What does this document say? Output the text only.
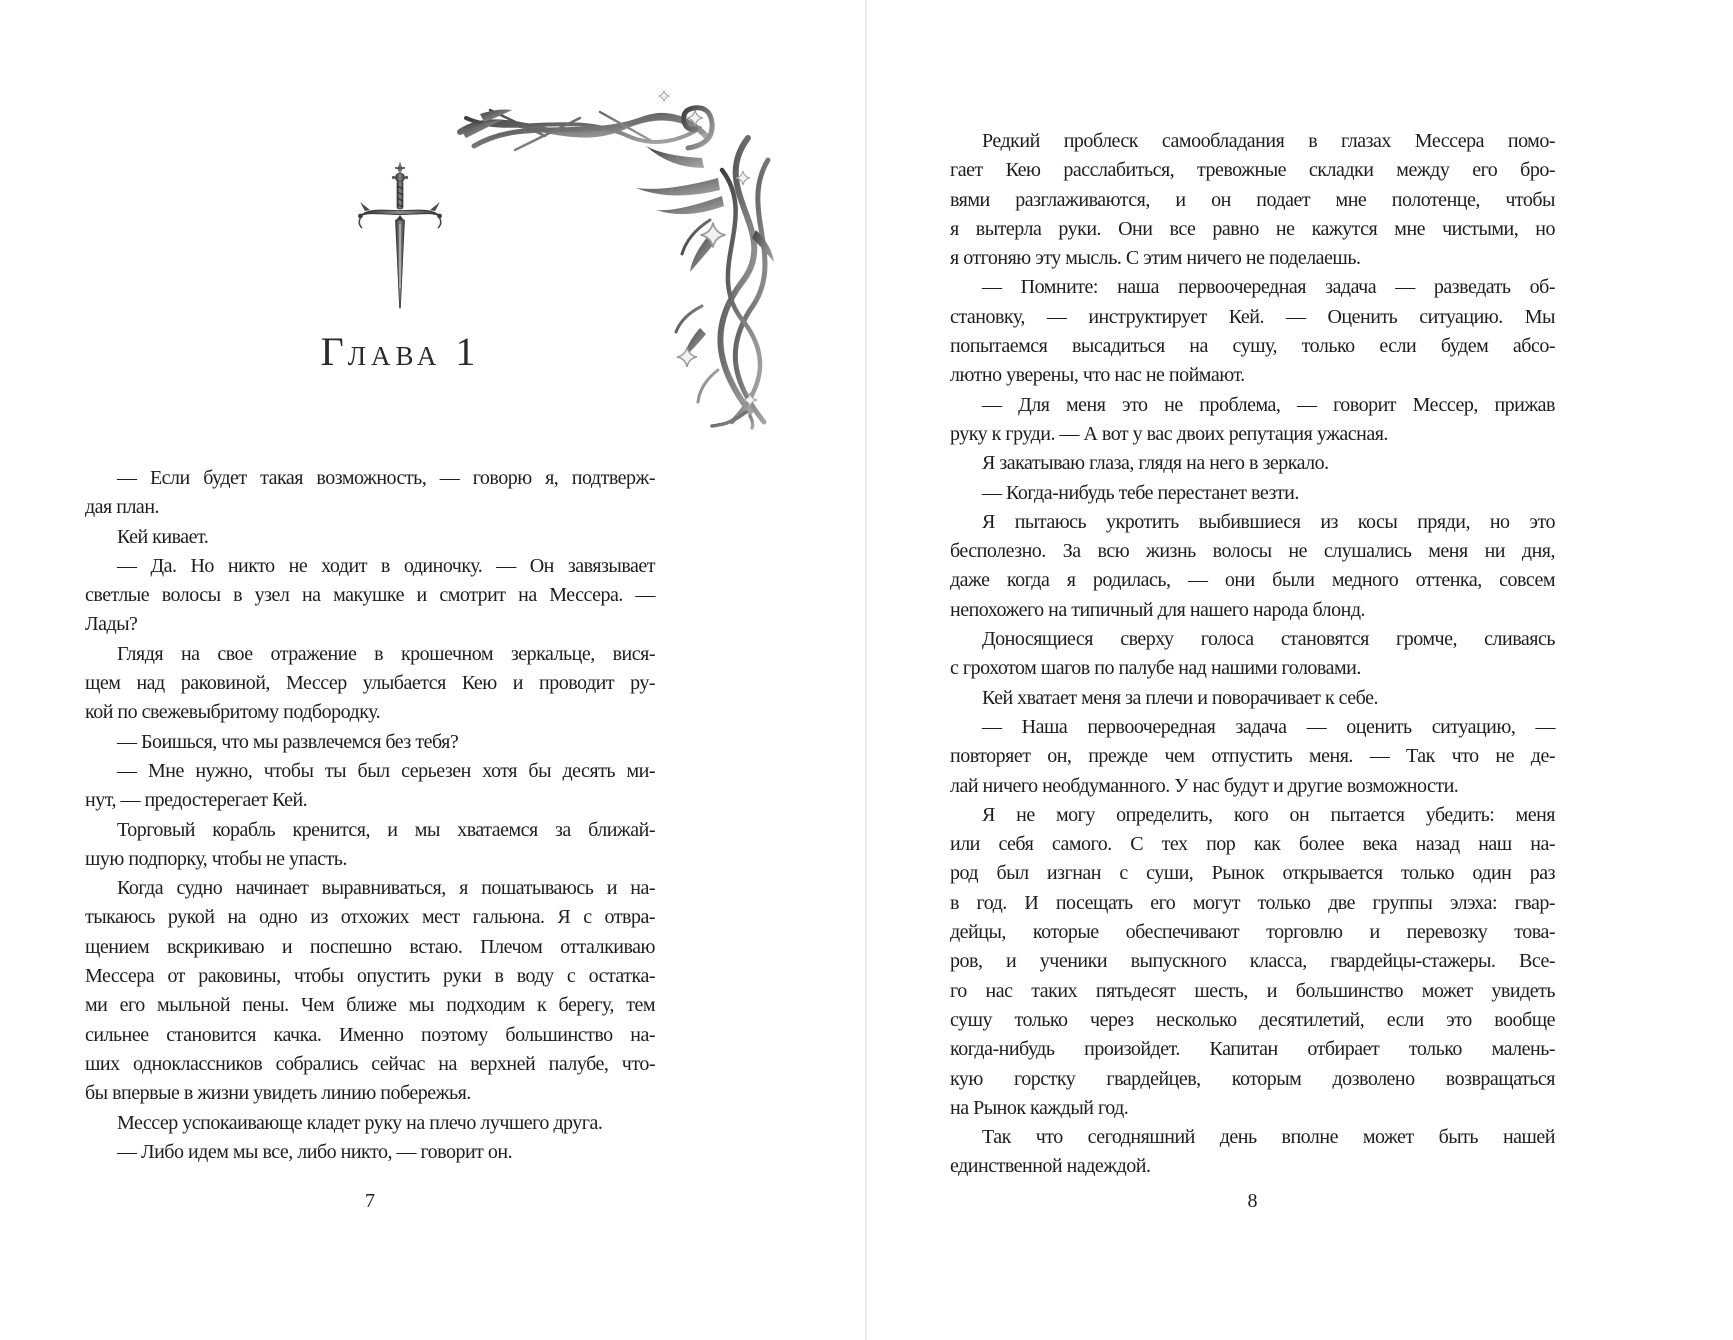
ГЛАВА 1
— Если будет такая возможность, — говорю я, подтверж-
дая план.
Кей кивает.
— Да. Но никто не ходит в одиночку. — Он завязывает
светлые волосы в узел на макушке и смотрит на Мессера. —
Лады?
Глядя на свое отражение в крошечном зеркальце, вися-
щем над раковиной, Мессер улыбается Кею и проводит ру-
кой по свежевыбритому подбородку.
— Боишься, что мы развлечемся без тебя?
— Мне нужно, чтобы ты был серьезен хотя бы десять ми-
нут, — предостерегает Кей.
Торговый корабль кренится, и мы хватаемся за ближай-
шую подпорку, чтобы не упасть.
Когда судно начинает выравниваться, я пошатываюсь и на-
тыкаюсь рукой на одно из отхожих мест гальюна. Я с отвра-
щением вскрикиваю и поспешно встаю. Плечом отталкиваю
Мессера от раковины, чтобы опустить руки в воду с остатка-
ми его мыльной пены. Чем ближе мы подходим к берегу, тем
сильнее становится качка. Именно поэтому большинство на-
ших одноклассников собрались сейчас на верхней палубе, что-
бы впервые в жизни увидеть линию побережья.
Мессер успокаивающе кладет руку на плечо лучшего друга.
— Либо идем мы все, либо никто, — говорит он.
7
Редкий проблеск самообладания в глазах Мессера помо-
гает Кею расслабиться, тревожные складки между его бро-
вями разглаживаются, и он подает мне полотенце, чтобы
я вытерла руки. Они все равно не кажутся мне чистыми, но
я отгоняю эту мысль. С этим ничего не поделаешь.
— Помните: наша первоочередная задача — разведать об-
становку, — инструктирует Кей. — Оценить ситуацию. Мы
попытаемся высадиться на сушу, только если будем абсо-
лютно уверены, что нас не поймают.
— Для меня это не проблема, — говорит Мессер, прижав
руку к груди. — А вот у вас двоих репутация ужасная.
Я закатываю глаза, глядя на него в зеркало.
— Когда-нибудь тебе перестанет везти.
Я пытаюсь укротить выбившиеся из косы пряди, но это
бесполезно. За всю жизнь волосы не слушались меня ни дня,
даже когда я родилась, — они были медного оттенка, совсем
непохожего на типичный для нашего народа блонд.
Доносящиеся сверху голоса становятся громче, сливаясь
с грохотом шагов по палубе над нашими головами.
Кей хватает меня за плечи и поворачивает к себе.
— Наша первоочередная задача — оценить ситуацию, —
повторяет он, прежде чем отпустить меня. — Так что не де-
лай ничего необдуманного. У нас будут и другие возможности.
Я не могу определить, кого он пытается убедить: меня
или себя самого. С тех пор как более века назад наш на-
род был изгнан с суши, Рынок открывается только один раз
в год. И посещать его могут только две группы элэха: гвар-
дейцы, которые обеспечивают торговлю и перевозку това-
ров, и ученики выпускного класса, гвардейцы-стажеры. Все-
го нас таких пятьдесят шесть, и большинство может увидеть
сушу только через несколько десятилетий, если это вообще
когда-нибудь произойдет. Капитан отбирает только малень-
кую горстку гвардейцев, которым дозволено возвращаться
на Рынок каждый год.
Так что сегодняшний день вполне может быть нашей
единственной надеждой.
8
